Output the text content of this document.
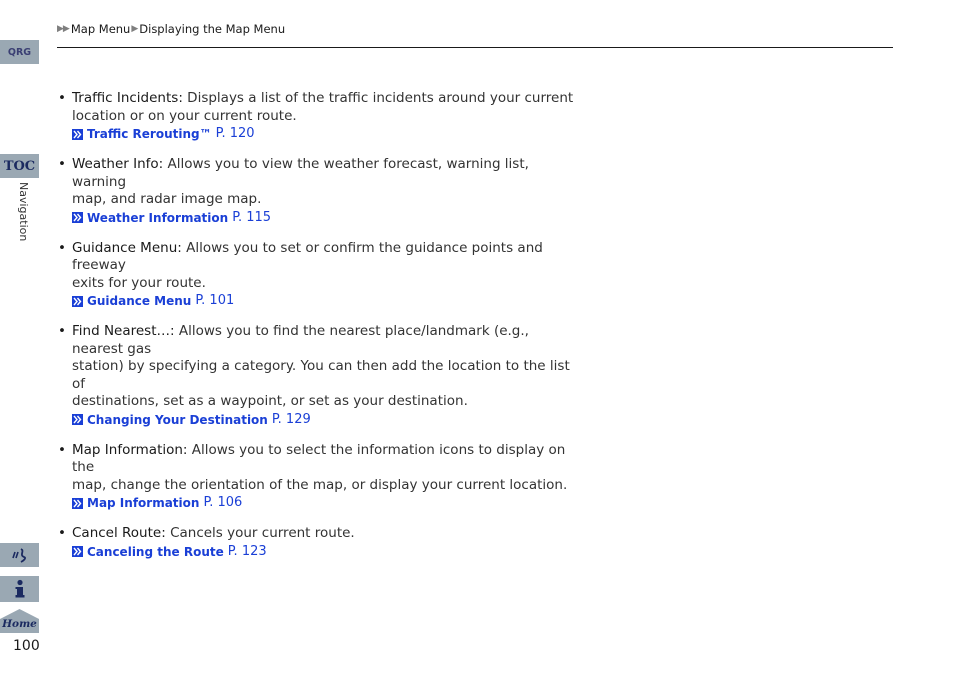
▶ ▶ Map Menu ▶ Displaying the Map Menu
QRG
TOC
Navigation
Home
100
• Traffic Incidents: Displays a list of the traffic incidents around your current
location or on your current route.
Traffic Rerouting™ P. 120
• Weather Info: Allows you to view the weather forecast, warning list, warning
map, and radar image map.
Weather Information P. 115
• Guidance Menu: Allows you to set or confirm the guidance points and freeway
exits for your route.
Guidance Menu P. 101
• Find Nearest…: Allows you to find the nearest place/landmark (e.g., nearest gas
station) by specifying a category. You can then add the location to the list of
destinations, set as a waypoint, or set as your destination.
Changing Your Destination P. 129
• Map Information: Allows you to select the information icons to display on the
map, change the orientation of the map, or display your current location.
Map Information P. 106
• Cancel Route: Cancels your current route.
Canceling the Route P. 123
